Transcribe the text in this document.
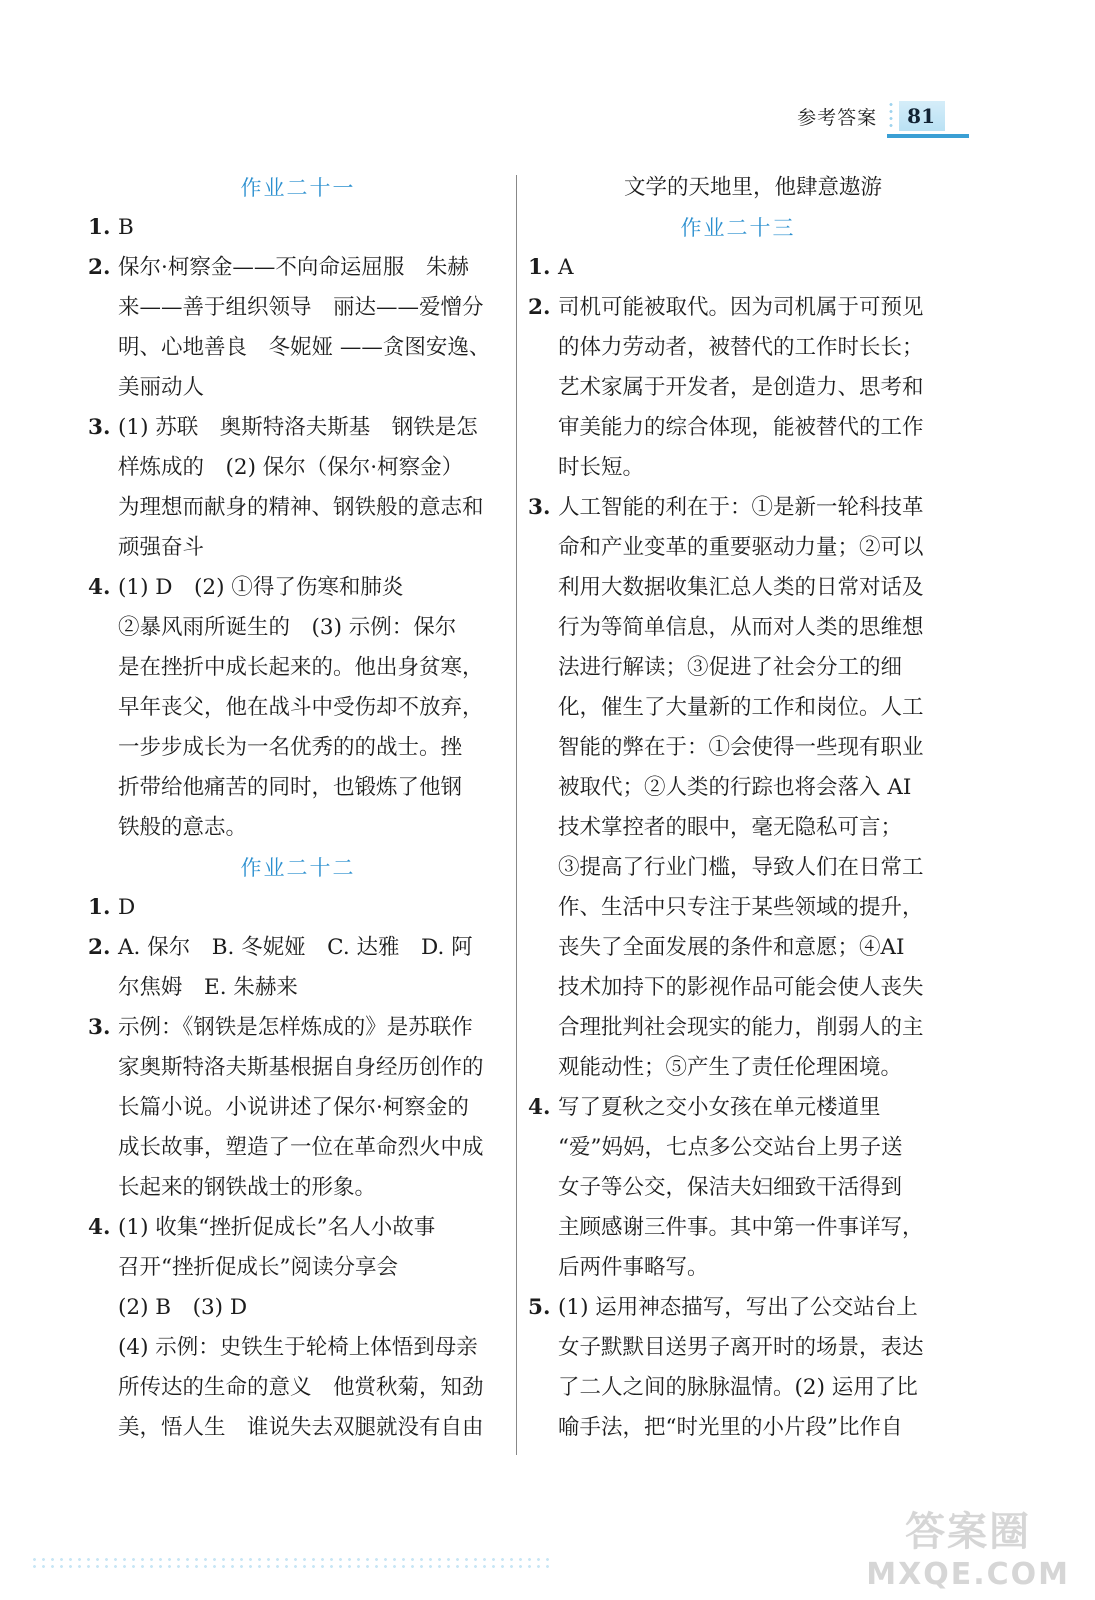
参考答案	81
作业二十一
1. B
2. 保尔·柯察金——不向命运屈服　朱赫
来——善于组织领导　丽达——爱憎分
明、心地善良　冬妮娅 ——贪图安逸、
美丽动人
3. (1) 苏联　奥斯特洛夫斯基　钢铁是怎
样炼成的　(2) 保尔（保尔·柯察金）
为理想而献身的精神、钢铁般的意志和
顽强奋斗
4. (1) D　(2) ①得了伤寒和肺炎
②暴风雨所诞生的　(3) 示例：保尔
是在挫折中成长起来的。他出身贫寒，
早年丧父，他在战斗中受伤却不放弃，
一步步成长为一名优秀的的战士。挫
折带给他痛苦的同时，也锻炼了他钢
铁般的意志。
作业二十二
1. D
2. A. 保尔　B. 冬妮娅　C. 达雅　D. 阿
尔焦姆　E. 朱赫来
3. 示例：《钢铁是怎样炼成的》是苏联作
家奥斯特洛夫斯基根据自身经历创作的
长篇小说。小说讲述了保尔·柯察金的
成长故事，塑造了一位在革命烈火中成
长起来的钢铁战士的形象。
4. (1) 收集“挫折促成长”名人小故事
召开“挫折促成长”阅读分享会
(2) B　(3) D
(4) 示例：史铁生于轮椅上体悟到母亲
所传达的生命的意义　他赏秋菊，知劲
美，悟人生　谁说失去双腿就没有自由
文学的天地里，他肆意遨游
作业二十三
1. A
2. 司机可能被取代。因为司机属于可预见
的体力劳动者，被替代的工作时长长；
艺术家属于开发者，是创造力、思考和
审美能力的综合体现，能被替代的工作
时长短。
3. 人工智能的利在于：①是新一轮科技革
命和产业变革的重要驱动力量；②可以
利用大数据收集汇总人类的日常对话及
行为等简单信息，从而对人类的思维想
法进行解读；③促进了社会分工的细
化，催生了大量新的工作和岗位。人工
智能的弊在于：①会使得一些现有职业
被取代；②人类的行踪也将会落入 AI
技术掌控者的眼中，毫无隐私可言；
③提高了行业门槛，导致人们在日常工
作、生活中只专注于某些领域的提升，
丧失了全面发展的条件和意愿；④AI
技术加持下的影视作品可能会使人丧失
合理批判社会现实的能力，削弱人的主
观能动性；⑤产生了责任伦理困境。
4. 写了夏秋之交小女孩在单元楼道里
“爱”妈妈，七点多公交站台上男子送
女子等公交，保洁夫妇细致干活得到
主顾感谢三件事。其中第一件事详写，
后两件事略写。
5. (1) 运用神态描写，写出了公交站台上
女子默默目送男子离开时的场景，表达
了二人之间的脉脉温情。(2) 运用了比
喻手法，把“时光里的小片段”比作自
答案圈
MXQE.COM
